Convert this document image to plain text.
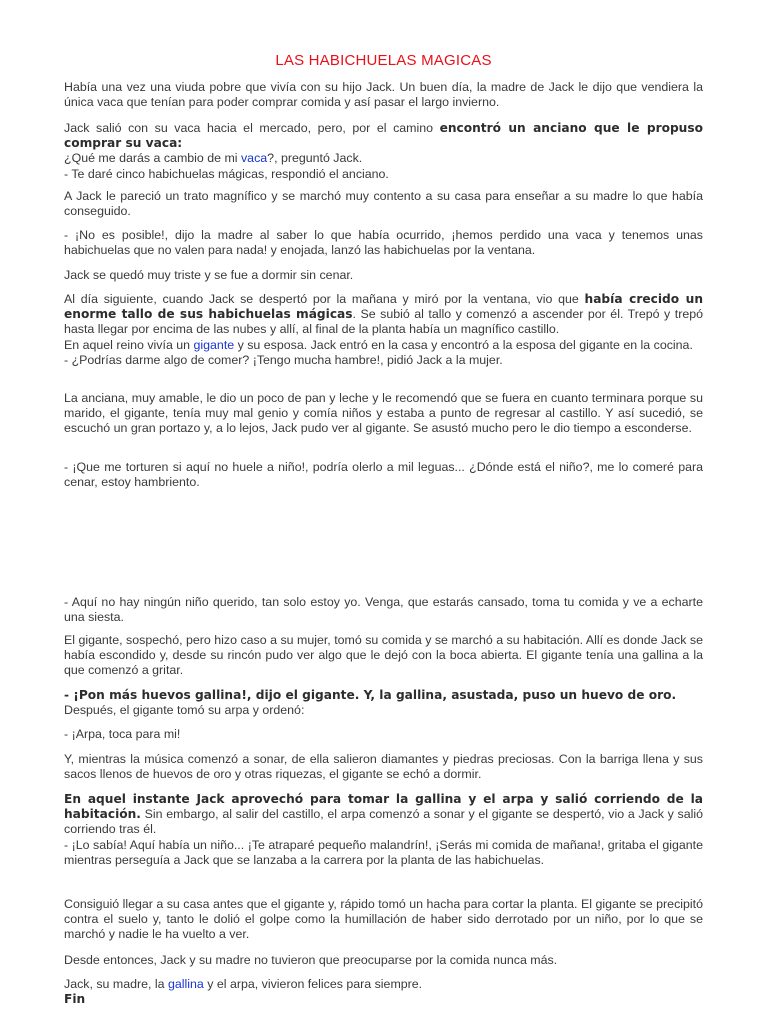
LAS HABICHUELAS MAGICAS

Había una vez una viuda pobre que vivía con su hijo Jack. Un buen día, la madre de Jack le dijo que vendiera la única vaca que tenían para poder comprar comida y así pasar el largo invierno.

Jack salió con su vaca hacia el mercado, pero, por el camino encontró un anciano que le propuso comprar su vaca:
¿Qué me darás a cambio de mi vaca?, preguntó Jack.
- Te daré cinco habichuelas mágicas, respondió el anciano.

A Jack le pareció un trato magnífico y se marchó muy contento a su casa para enseñar a su madre lo que había conseguido.

- ¡No es posible!, dijo la madre al saber lo que había ocurrido, ¡hemos perdido una vaca y tenemos unas habichuelas que no valen para nada! y enojada, lanzó las habichuelas por la ventana.

Jack se quedó muy triste y se fue a dormir sin cenar.

Al día siguiente, cuando Jack se despertó por la mañana y miró por la ventana, vio que había crecido un enorme tallo de sus habichuelas mágicas. Se subió al tallo y comenzó a ascender por él. Trepó y trepó hasta llegar por encima de las nubes y allí, al final de la planta había un magnífico castillo.
En aquel reino vivía un gigante y su esposa. Jack entró en la casa y encontró a la esposa del gigante en la cocina.
- ¿Podrías darme algo de comer? ¡Tengo mucha hambre!, pidió Jack a la mujer.

La anciana, muy amable, le dio un poco de pan y leche y le recomendó que se fuera en cuanto terminara porque su marido, el gigante, tenía muy mal genio y comía niños y estaba a punto de regresar al castillo. Y así sucedió, se escuchó un gran portazo y, a lo lejos, Jack pudo ver al gigante. Se asustó mucho pero le dio tiempo a esconderse.

- ¡Que me torturen si aquí no huele a niño!, podría olerlo a mil leguas... ¿Dónde está el niño?, me lo comeré para cenar, estoy hambriento.

- Aquí no hay ningún niño querido, tan solo estoy yo. Venga, que estarás cansado, toma tu comida y ve a echarte una siesta.

El gigante, sospechó, pero hizo caso a su mujer, tomó su comida y se marchó a su habitación. Allí es donde Jack se había escondido y, desde su rincón pudo ver algo que le dejó con la boca abierta. El gigante tenía una gallina a la que comenzó a gritar.

- ¡Pon más huevos gallina!, dijo el gigante. Y, la gallina, asustada, puso un huevo de oro.
Después, el gigante tomó su arpa y ordenó:

- ¡Arpa, toca para mi!

Y, mientras la música comenzó a sonar, de ella salieron diamantes y piedras preciosas. Con la barriga llena y sus sacos llenos de huevos de oro y otras riquezas, el gigante se echó a dormir.

En aquel instante Jack aprovechó para tomar la gallina y el arpa y salió corriendo de la habitación. Sin embargo, al salir del castillo, el arpa comenzó a sonar y el gigante se despertó, vio a Jack y salió corriendo tras él.
- ¡Lo sabía! Aquí había un niño... ¡Te atraparé pequeño malandrín!, ¡Serás mi comida de mañana!, gritaba el gigante mientras perseguía a Jack que se lanzaba a la carrera por la planta de las habichuelas.

Consiguió llegar a su casa antes que el gigante y, rápido tomó un hacha para cortar la planta. El gigante se precipitó contra el suelo y, tanto le dolió el golpe como la humillación de haber sido derrotado por un niño, por lo que se marchó y nadie le ha vuelto a ver.

Desde entonces, Jack y su madre no tuvieron que preocuparse por la comida nunca más.

Jack, su madre, la gallina y el arpa, vivieron felices para siempre.
Fin
